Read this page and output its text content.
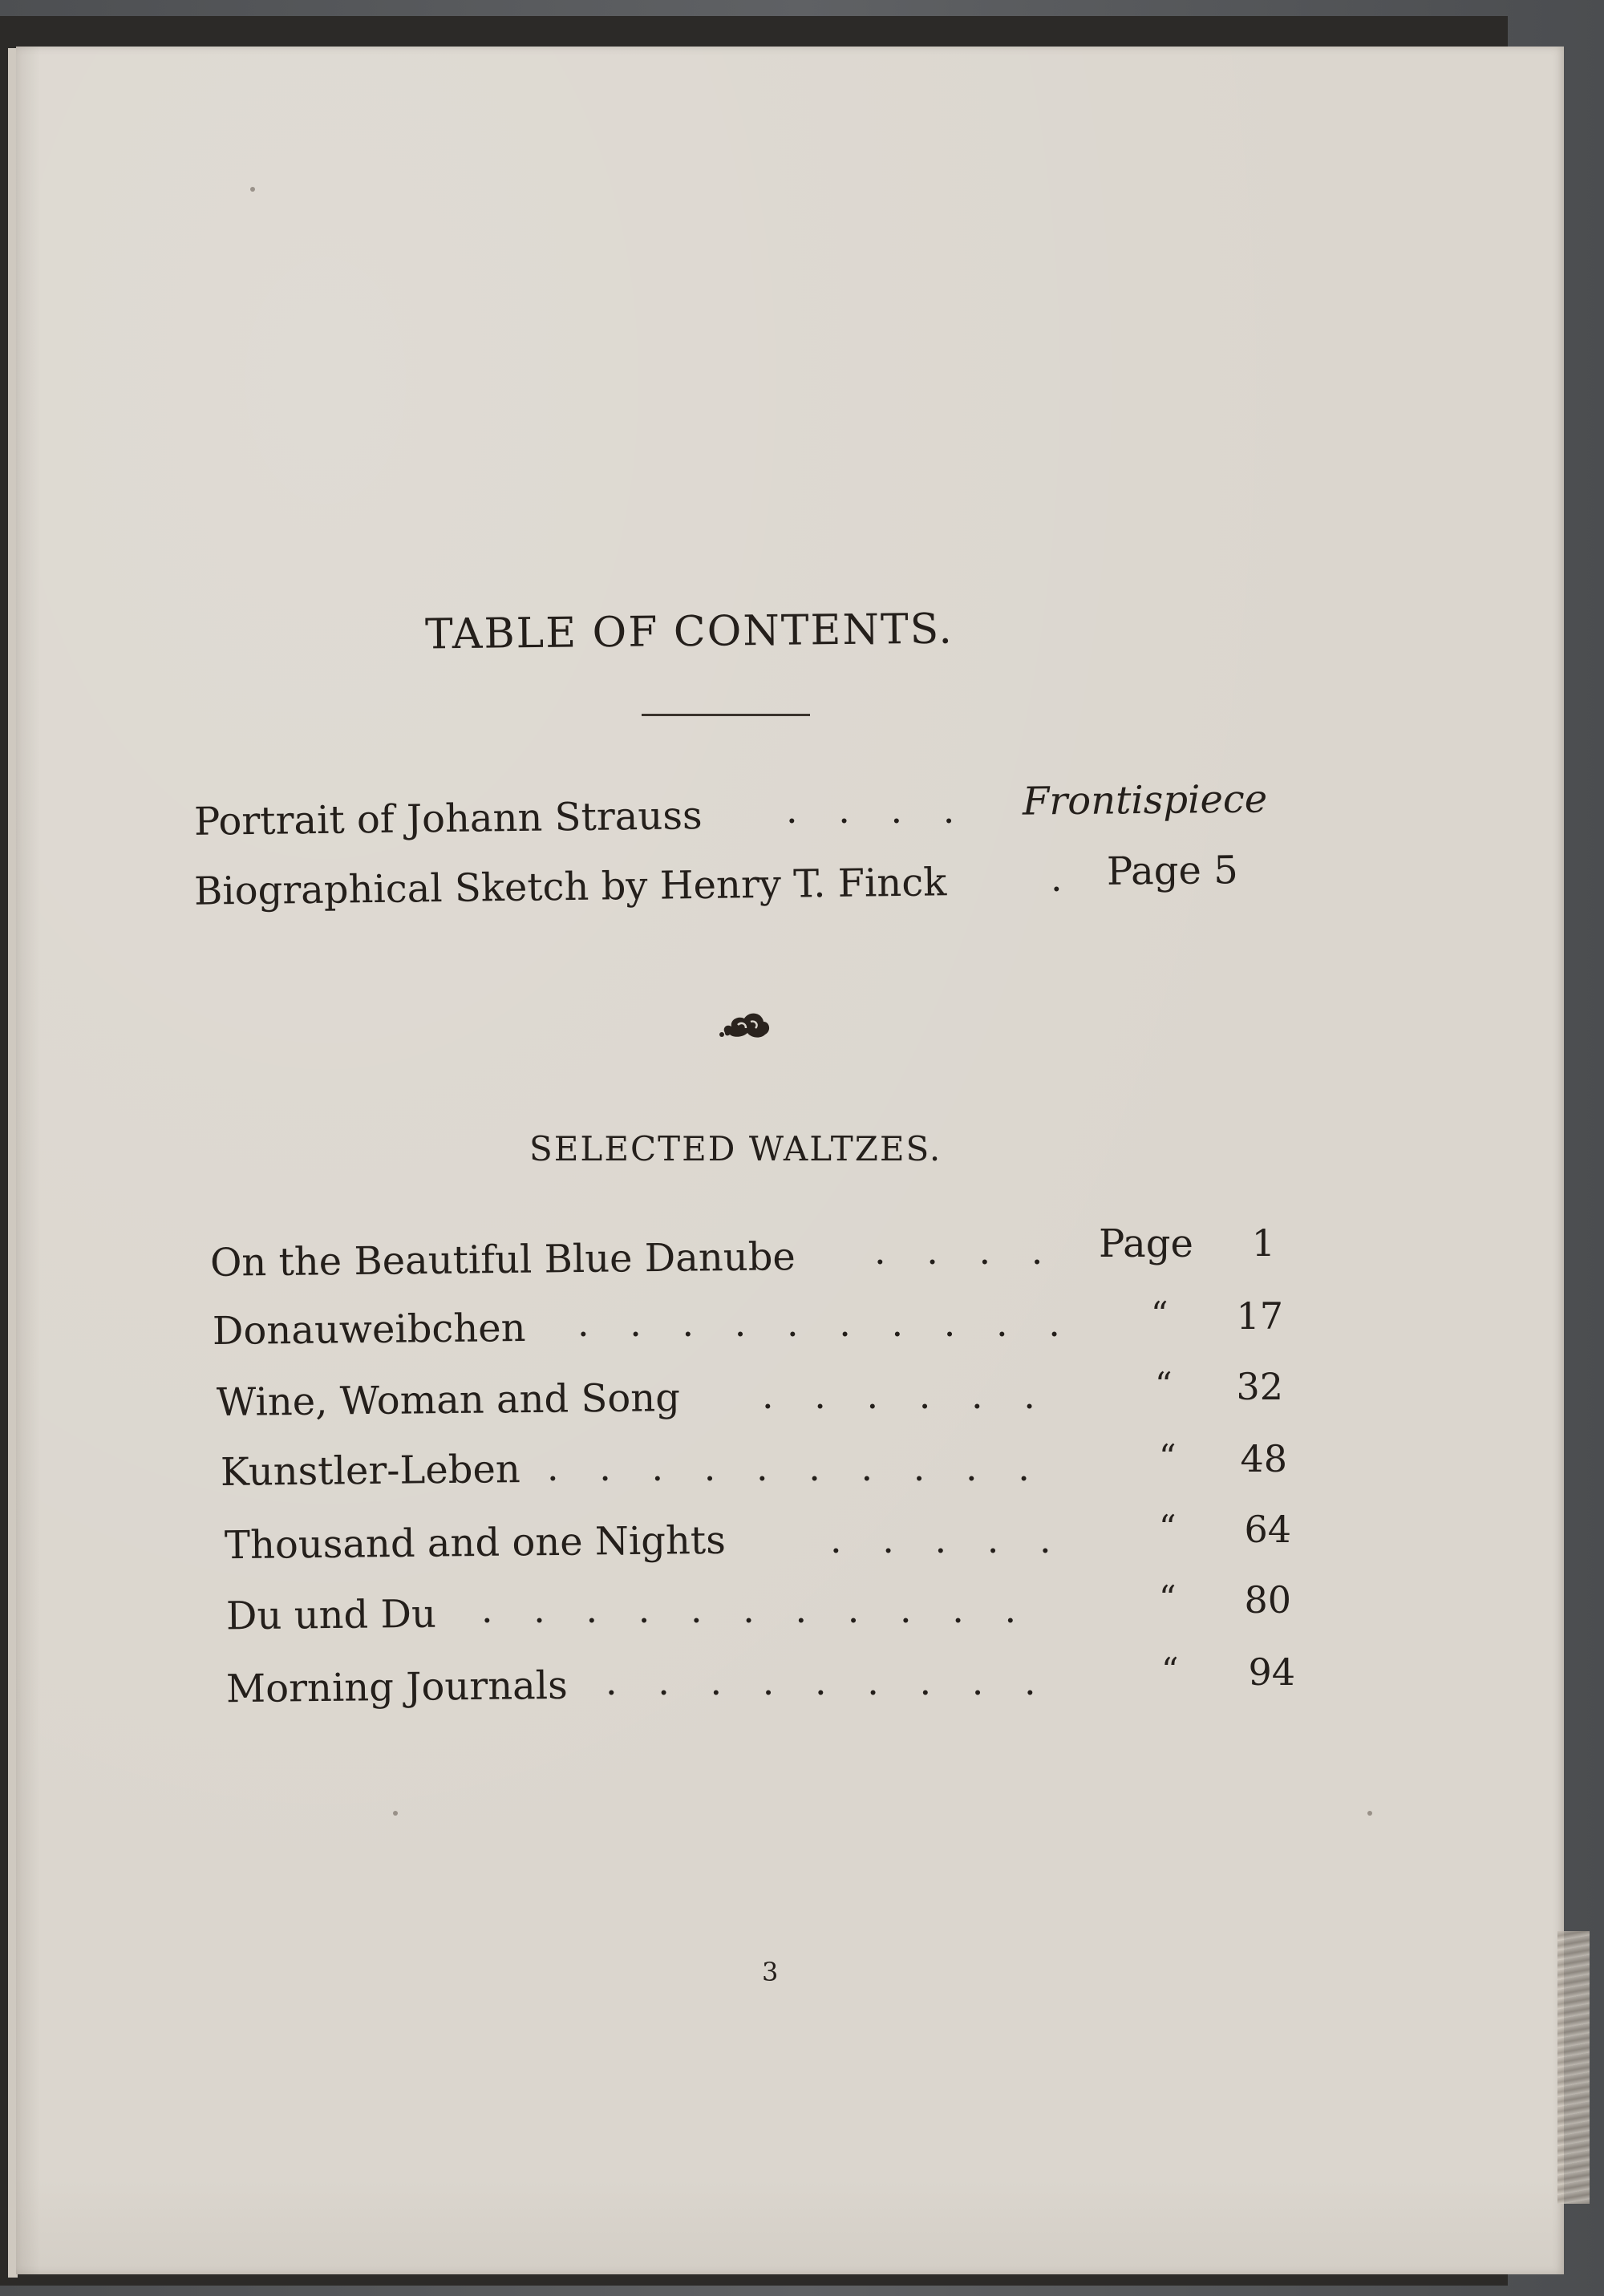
TABLE OF CONTENTS.
Portrait of Johann Strauss . . . . Frontispiece
Biographical Sketch by Henry T. Finck	. Page 5
SELECTED WALTZES.
On the Beautiful Blue Danube . . . . Page	1
Donauweibchen . . . . . . . . . . “	17
Wine, Woman and Song . . . . . .	“	32
Kunstler-Leben . . . . . . . . . .	“	48
Thousand and one Nights	. . . . .	“	64
Du und Du . . . . . . . . . . .	“	80
Morning Journals . . . . . . . . .	“	94
3
